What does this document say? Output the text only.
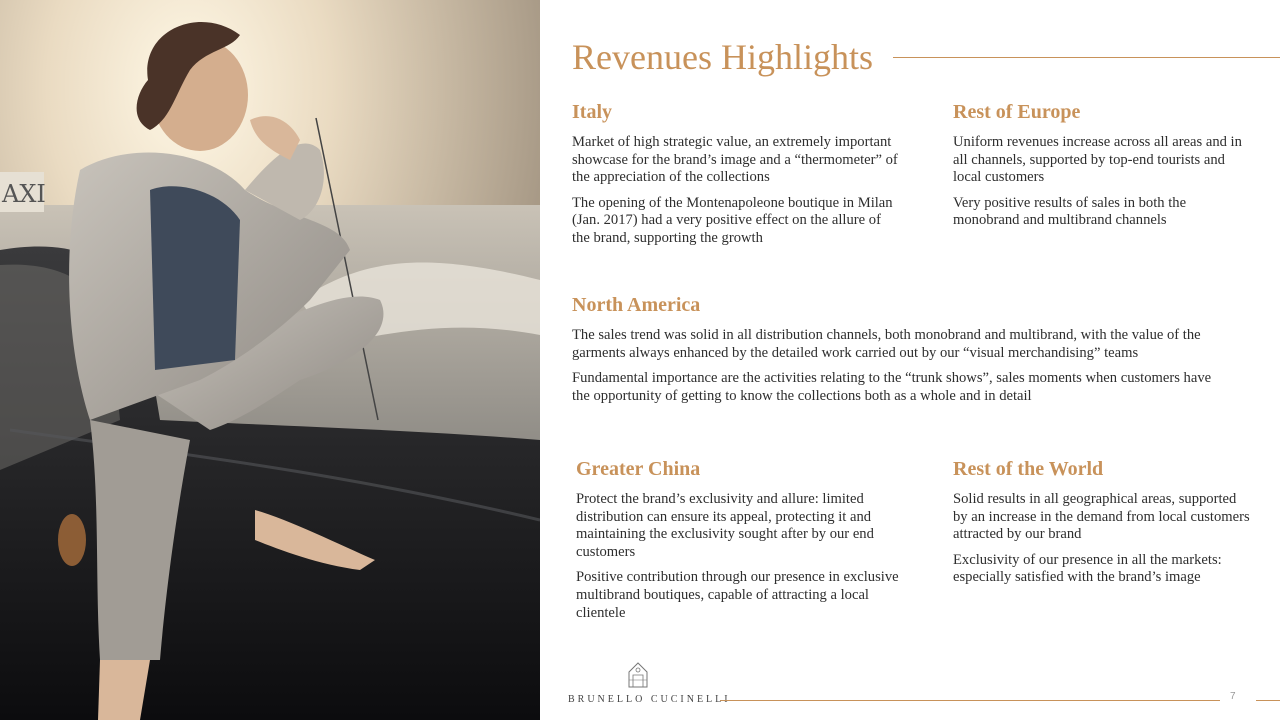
AXI
Revenues Highlights
Italy

Market of high strategic value, an extremely important showcase for the brand’s image and a “thermometer” of the appreciation of the collections

The opening of the Montenapoleone boutique in Milan (Jan. 2017) had a very positive effect on the allure of the brand, supporting the growth

Rest of Europe

Uniform revenues increase across all areas and in all channels, supported by top-end tourists and local customers

Very positive results of sales in both the monobrand and multibrand channels

North America

The sales trend was solid in all distribution channels, both monobrand and multibrand, with the value of the garments always enhanced by the detailed work carried out by our “visual merchandising” teams

Fundamental importance are the activities relating to the “trunk shows”, sales moments when customers have the opportunity of getting to know the collections both as a whole and in detail

Greater China

Protect the brand’s exclusivity and allure: limited distribution can ensure its appeal, protecting it and maintaining the exclusivity sought after by our end customers

Positive contribution through our presence in exclusive multibrand boutiques, capable of attracting a local clientele

Rest of the World

Solid results in all geographical areas, supported by an increase in the demand from local customers attracted by our brand

Exclusivity of our presence in all the markets: especially satisfied with the brand’s image

BRUNELLO CUCINELLI	7
